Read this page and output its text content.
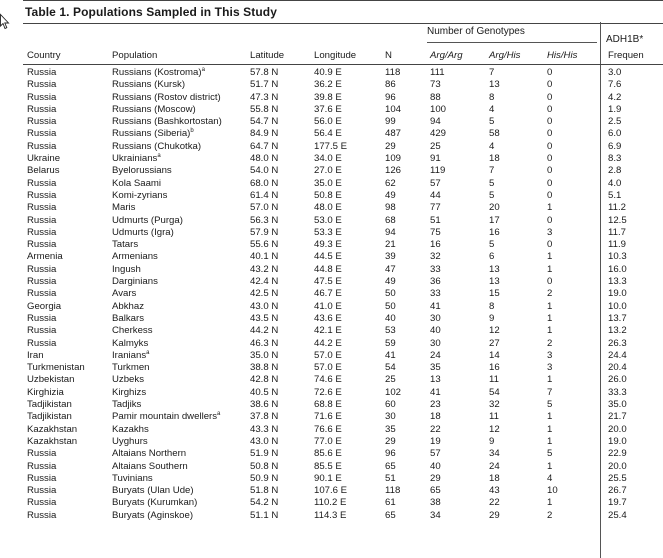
Table 1. Populations Sampled in This Study
Number of Genotypes
ADH1B*
Country	Population	Latitude	Longitude	N	Arg/Arg	Arg/His	His/His	Frequen
Russia	Russians (Kostroma)$^a$	57.8 N	40.9 E	118	111	7	0	3.0
Russia	Russians (Kursk)	51.7 N	36.2 E	86	73	13	0	7.6
Russia	Russians (Rostov district)	47.3 N	39.8 E	96	88	8	0	4.2
Russia	Russians (Moscow)	55.8 N	37.6 E	104	100	4	0	1.9
Russia	Russians (Bashkortostan)	54.7 N	56.0 E	99	94	5	0	2.5
Russia	Russians (Siberia)$^b$	84.9 N	56.4 E	487	429	58	0	6.0
Russia	Russians (Chukotka)	64.7 N	177.5 E	29	25	4	0	6.9
Ukraine	Ukrainians$^a$	48.0 N	34.0 E	109	91	18	0	8.3
Belarus	Byelorussians	54.0 N	27.0 E	126	119	7	0	2.8
Russia	Kola Saami	68.0 N	35.0 E	62	57	5	0	4.0
Russia	Komi-zyrians	61.4 N	50.8 E	49	44	5	0	5.1
Russia	Maris	57.0 N	48.0 E	98	77	20	1	11.2
Russia	Udmurts (Purga)	56.3 N	53.0 E	68	51	17	0	12.5
Russia	Udmurts (Igra)	57.9 N	53.3 E	94	75	16	3	11.7
Russia	Tatars	55.6 N	49.3 E	21	16	5	0	11.9
Armenia	Armenians	40.1 N	44.5 E	39	32	6	1	10.3
Russia	Ingush	43.2 N	44.8 E	47	33	13	1	16.0
Russia	Darginians	42.4 N	47.5 E	49	36	13	0	13.3
Russia	Avars	42.5 N	46.7 E	50	33	15	2	19.0
Georgia	Abkhaz	43.0 N	41.0 E	50	41	8	1	10.0
Russia	Balkars	43.5 N	43.6 E	40	30	9	1	13.7
Russia	Cherkess	44.2 N	42.1 E	53	40	12	1	13.2
Russia	Kalmyks	46.3 N	44.2 E	59	30	27	2	26.3
Iran	Iranians$^a$	35.0 N	57.0 E	41	24	14	3	24.4
Turkmenistan	Turkmen	38.8 N	57.0 E	54	35	16	3	20.4
Uzbekistan	Uzbeks	42.8 N	74.6 E	25	13	11	1	26.0
Kirghizia	Kirghizs	40.5 N	72.6 E	102	41	54	7	33.3
Tadjikistan	Tadjiks	38.6 N	68.8 E	60	23	32	5	35.0
Tadjikistan	Pamir mountain dwellers$^a$	37.8 N	71.6 E	30	18	11	1	21.7
Kazakhstan	Kazakhs	43.3 N	76.6 E	35	22	12	1	20.0
Kazakhstan	Uyghurs	43.0 N	77.0 E	29	19	9	1	19.0
Russia	Altaians Northern	51.9 N	85.6 E	96	57	34	5	22.9
Russia	Altaians Southern	50.8 N	85.5 E	65	40	24	1	20.0
Russia	Tuvinians	50.9 N	90.1 E	51	29	18	4	25.5
Russia	Buryats (Ulan Ude)	51.8 N	107.6 E	118	65	43	10	26.7
Russia	Buryats (Kurumkan)	54.2 N	110.2 E	61	38	22	1	19.7
Russia	Buryats (Aginskoe)	51.1 N	114.3 E	65	34	29	2	25.4
